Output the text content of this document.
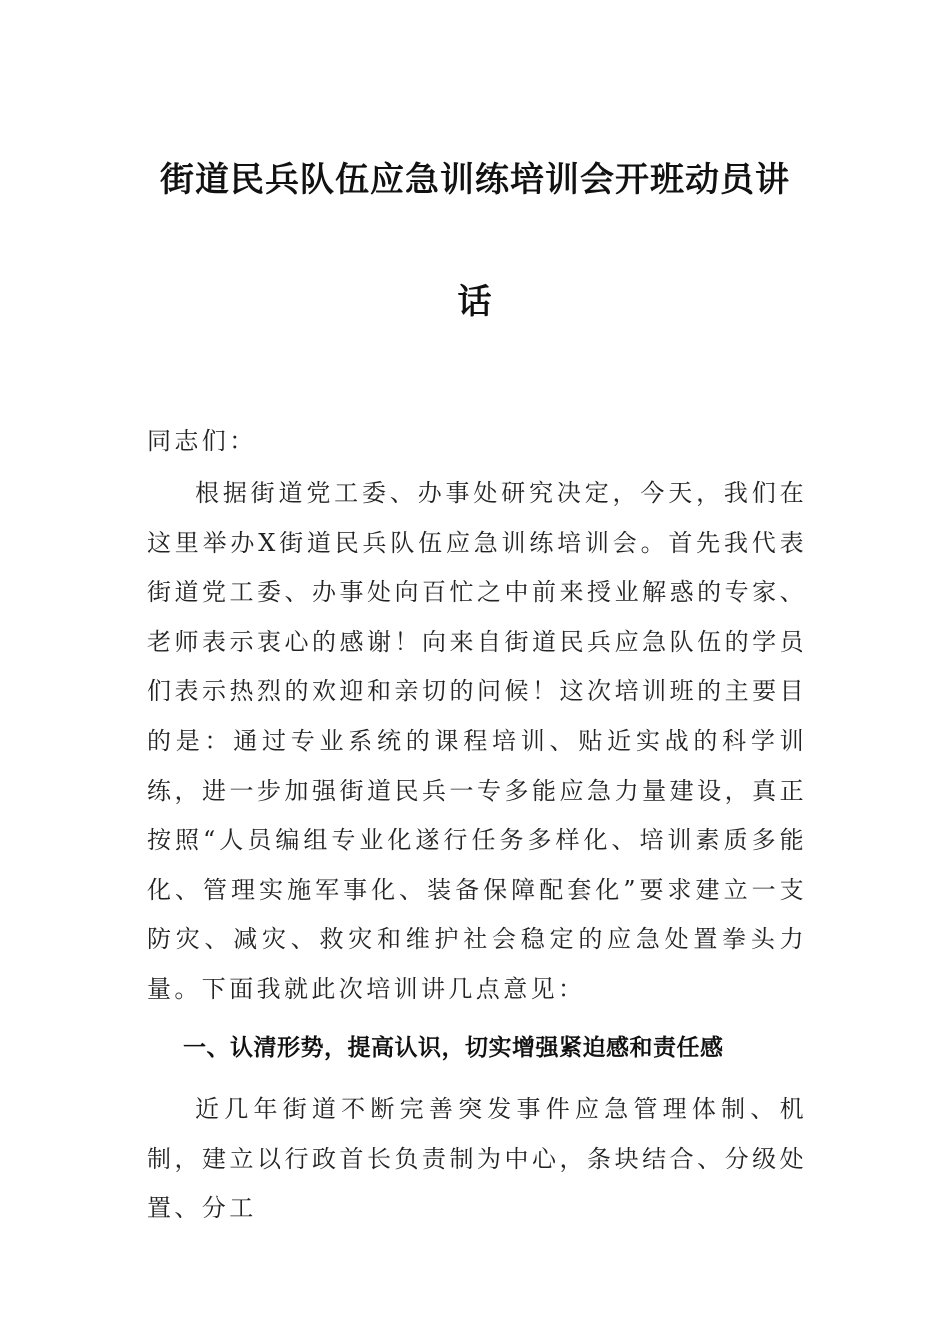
街道民兵队伍应急训练培训会开班动员讲
话
同志们：
根据街道党工委、办事处研究决定，今天，我们在这里举办X街道民兵队伍应急训练培训会。首先我代表街道党工委、办事处向百忙之中前来授业解惑的专家、老师表示衷心的感谢！向来自街道民兵应急队伍的学员们表示热烈的欢迎和亲切的问候！这次培训班的主要目的是：通过专业系统的课程培训、贴近实战的科学训练，进一步加强街道民兵一专多能应急力量建设，真正按照“人员编组专业化遂行任务多样化、培训素质多能化、管理实施军事化、装备保障配套化”要求建立一支防灾、减灾、救灾和维护社会稳定的应急处置拳头力量。下面我就此次培训讲几点意见：
一、认清形势，提高认识，切实增强紧迫感和责任感
近几年街道不断完善突发事件应急管理体制、机制，建立以行政首长负责制为中心，条块结合、分级处置、分工
